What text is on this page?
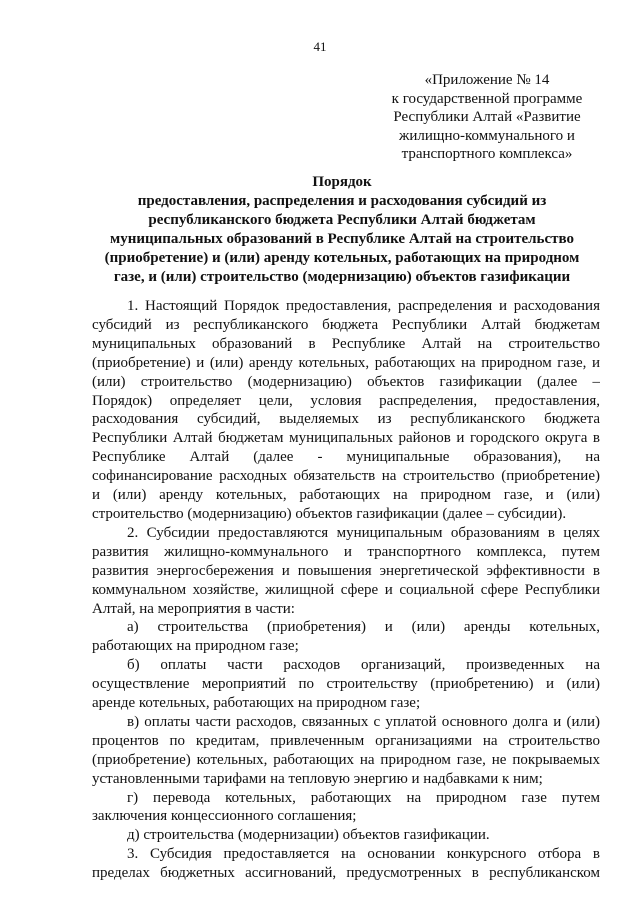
41
«Приложение № 14
к государственной программе
Республики Алтай «Развитие
жилищно-коммунального и
транспортного комплекса»
Порядок
предоставления, распределения и расходования субсидий из
республиканского бюджета Республики Алтай бюджетам
муниципальных образований в Республике Алтай на строительство
(приобретение) и (или) аренду котельных, работающих на природном
газе, и (или) строительство (модернизацию) объектов газификации
1. Настоящий Порядок предоставления, распределения и расходования
субсидий из республиканского бюджета Республики Алтай бюджетам
муниципальных образований в Республике Алтай на строительство
(приобретение) и (или) аренду котельных, работающих на природном газе, и
(или) строительство (модернизацию) объектов газификации (далее –
Порядок) определяет цели, условия распределения, предоставления,
расходования субсидий, выделяемых из республиканского бюджета
Республики Алтай бюджетам муниципальных районов и городского округа в
Республике Алтай (далее - муниципальные образования), на
софинансирование расходных обязательств на строительство (приобретение)
и (или) аренду котельных, работающих на природном газе, и (или)
строительство (модернизацию) объектов газификации (далее – субсидии).
2. Субсидии предоставляются муниципальным образованиям в целях
развития жилищно-коммунального и транспортного комплекса, путем
развития энергосбережения и повышения энергетической эффективности в
коммунальном хозяйстве, жилищной сфере и социальной сфере Республики
Алтай, на мероприятия в части:
а) строительства (приобретения) и (или) аренды котельных,
работающих на природном газе;
б) оплаты части расходов организаций, произведенных на
осуществление мероприятий по строительству (приобретению) и (или)
аренде котельных, работающих на природном газе;
в) оплаты части расходов, связанных с уплатой основного долга и (или)
процентов по кредитам, привлеченным организациями на строительство
(приобретение) котельных, работающих на природном газе, не покрываемых
установленными тарифами на тепловую энергию и надбавками к ним;
г) перевода котельных, работающих на природном газе путем
заключения концессионного соглашения;
д) строительства (модернизации) объектов газификации.
3. Субсидия предоставляется на основании конкурсного отбора в
пределах бюджетных ассигнований, предусмотренных в республиканском
